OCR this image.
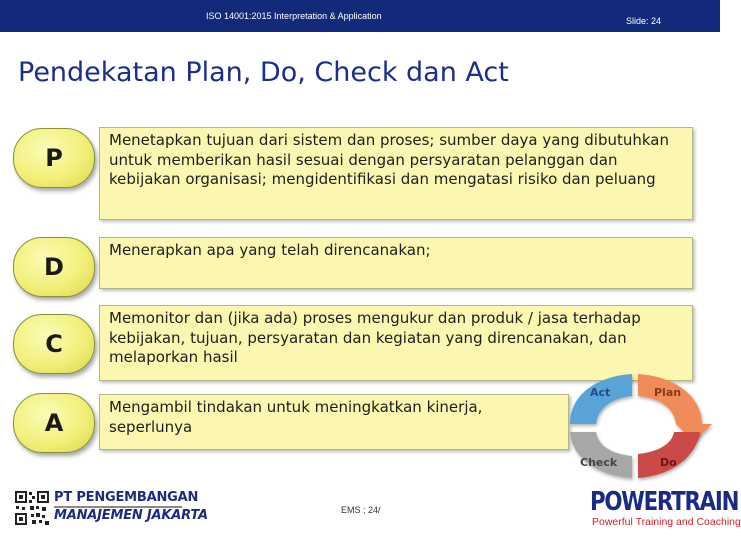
ISO 14001:2015 Interpretation & Application	Slide: 24
Pendekatan Plan, Do, Check dan Act
P
Menetapkan tujuan dari sistem dan proses; sumber daya yang dibutuhkan untuk memberikan hasil sesuai dengan persyaratan pelanggan dan kebijakan organisasi; mengidentifikasi dan mengatasi risiko dan peluang
D
Menerapkan apa yang telah direncanakan;
C
Memonitor dan (jika ada) proses mengukur dan produk / jasa terhadap kebijakan, tujuan, persyaratan dan kegiatan yang direncanakan, dan melaporkan hasil
A
Mengambil tindakan untuk meningkatkan kinerja, seperlunya
Act	Plan
Check	Do
PT PENGEMBANGAN
MANAJEMEN JAKARTA	EMS ; 24/	POWERTRAIN
Powerful Training and Coaching
